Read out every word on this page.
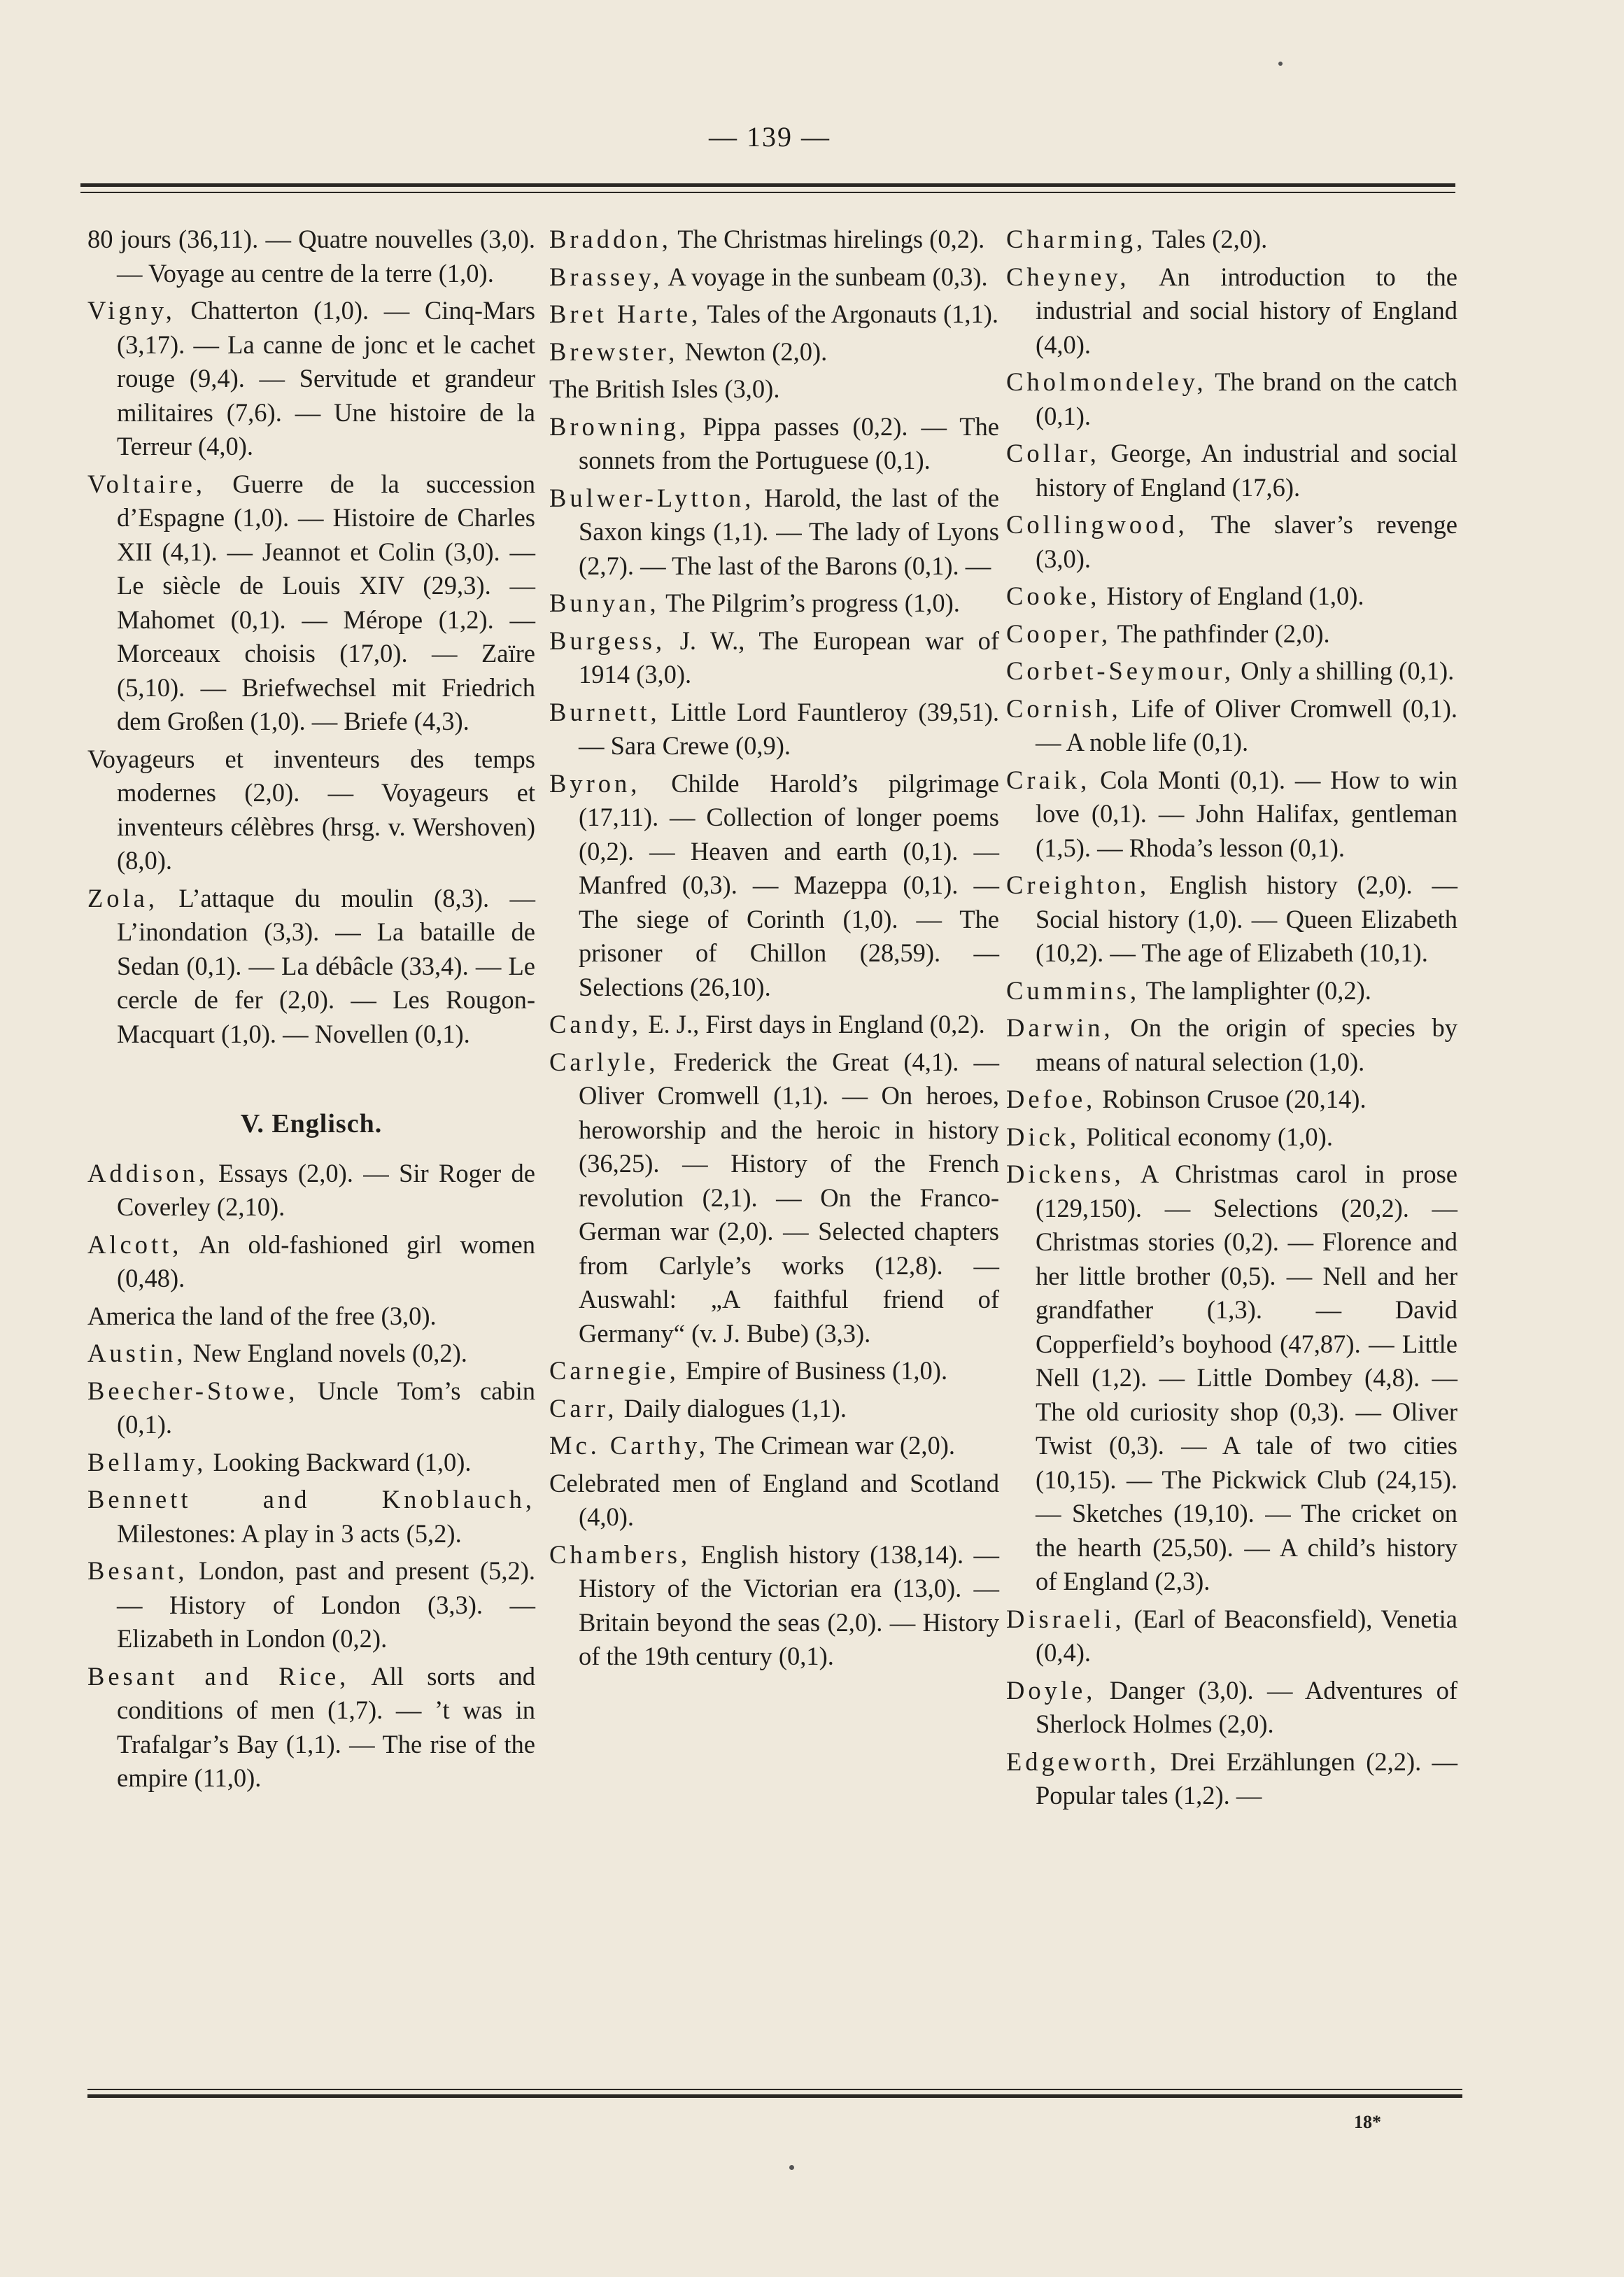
— 139 —
80 jours (36,11). — Quatre nouvelles (3,0). — Voyage au centre de la terre (1,0).
Vigny, Chatterton (1,0). — Cinq-Mars (3,17). — La canne de jonc et le cachet rouge (9,4). — Servitude et grandeur militaires (7,6). — Une histoire de la Terreur (4,0).
Voltaire, Guerre de la succession d’Espagne (1,0). — Histoire de Charles XII (4,1). — Jeannot et Colin (3,0). — Le siècle de Louis XIV (29,3). — Mahomet (0,1). — Mérope (1,2). — Morceaux choisis (17,0). — Zaïre (5,10). — Briefwechsel mit Friedrich dem Großen (1,0). — Briefe (4,3).
Voyageurs et inventeurs des temps modernes (2,0). — Voyageurs et inventeurs célèbres (hrsg. v. Wershoven) (8,0).
Zola, L’attaque du moulin (8,3). — L’inondation (3,3). — La bataille de Sedan (0,1). — La débâcle (33,4). — Le cercle de fer (2,0). — Les Rougon-Macquart (1,0). — Novellen (0,1).
V. Englisch.
Addison, Essays (2,0). — Sir Roger de Coverley (2,10).
Alcott, An old-fashioned girl women (0,48).
America the land of the free (3,0).
Austin, New England novels (0,2).
Beecher-Stowe, Uncle Tom’s cabin (0,1).
Bellamy, Looking Backward (1,0).
Bennett and Knoblauch, Milestones: A play in 3 acts (5,2).
Besant, London, past and present (5,2). — History of London (3,3). — Elizabeth in London (0,2).
Besant and Rice, All sorts and conditions of men (1,7). — ’t was in Trafalgar’s Bay (1,1). — The rise of the empire (11,0).
Braddon, The Christmas hirelings (0,2).
Brassey, A voyage in the sunbeam (0,3).
Bret Harte, Tales of the Argonauts (1,1).
Brewster, Newton (2,0).
The British Isles (3,0).
Browning, Pippa passes (0,2). — The sonnets from the Portuguese (0,1).
Bulwer-Lytton, Harold, the last of the Saxon kings (1,1). — The lady of Lyons (2,7). — The last of the Barons (0,1). —
Bunyan, The Pilgrim’s progress (1,0).
Burgess, J. W., The European war of 1914 (3,0).
Burnett, Little Lord Fauntleroy (39,51). — Sara Crewe (0,9).
Byron, Childe Harold’s pilgrimage (17,11). — Collection of longer poems (0,2). — Heaven and earth (0,1). — Manfred (0,3). — Mazeppa (0,1). — The siege of Corinth (1,0). — The prisoner of Chillon (28,59). — Selections (26,10).
Candy, E. J., First days in England (0,2).
Carlyle, Frederick the Great (4,1). — Oliver Cromwell (1,1). — On heroes, heroworship and the heroic in history (36,25). — History of the French revolution (2,1). — On the Franco-German war (2,0). — Selected chapters from Carlyle’s works (12,8). — Auswahl: „A faithful friend of Germany“ (v. J. Bube) (3,3).
Carnegie, Empire of Business (1,0).
Carr, Daily dialogues (1,1).
Mc. Carthy, The Crimean war (2,0).
Celebrated men of England and Scotland (4,0).
Chambers, English history (138,14). — History of the Victorian era (13,0). — Britain beyond the seas (2,0). — History of the 19th century (0,1).
Charming, Tales (2,0).
Cheyney, An introduction to the industrial and social history of England (4,0).
Cholmondeley, The brand on the catch (0,1).
Collar, George, An industrial and social history of England (17,6).
Collingwood, The slaver’s revenge (3,0).
Cooke, History of England (1,0).
Cooper, The pathfinder (2,0).
Corbet-Seymour, Only a shilling (0,1).
Cornish, Life of Oliver Cromwell (0,1). — A noble life (0,1).
Craik, Cola Monti (0,1). — How to win love (0,1). — John Halifax, gentleman (1,5). — Rhoda’s lesson (0,1).
Creighton, English history (2,0). — Social history (1,0). — Queen Elizabeth (10,2). — The age of Elizabeth (10,1).
Cummins, The lamplighter (0,2).
Darwin, On the origin of species by means of natural selection (1,0).
Defoe, Robinson Crusoe (20,14).
Dick, Political economy (1,0).
Dickens, A Christmas carol in prose (129,150). — Selections (20,2). — Christmas stories (0,2). — Florence and her little brother (0,5). — Nell and her grandfather (1,3). — David Copperfield’s boyhood (47,87). — Little Nell (1,2). — Little Dombey (4,8). — The old curiosity shop (0,3). — Oliver Twist (0,3). — A tale of two cities (10,15). — The Pickwick Club (24,15). — Sketches (19,10). — The cricket on the hearth (25,50). — A child’s history of England (2,3).
Disraeli, (Earl of Beaconsfield), Venetia (0,4).
Doyle, Danger (3,0). — Adventures of Sherlock Holmes (2,0).
Edgeworth, Drei Erzählungen (2,2). — Popular tales (1,2). —
18*
